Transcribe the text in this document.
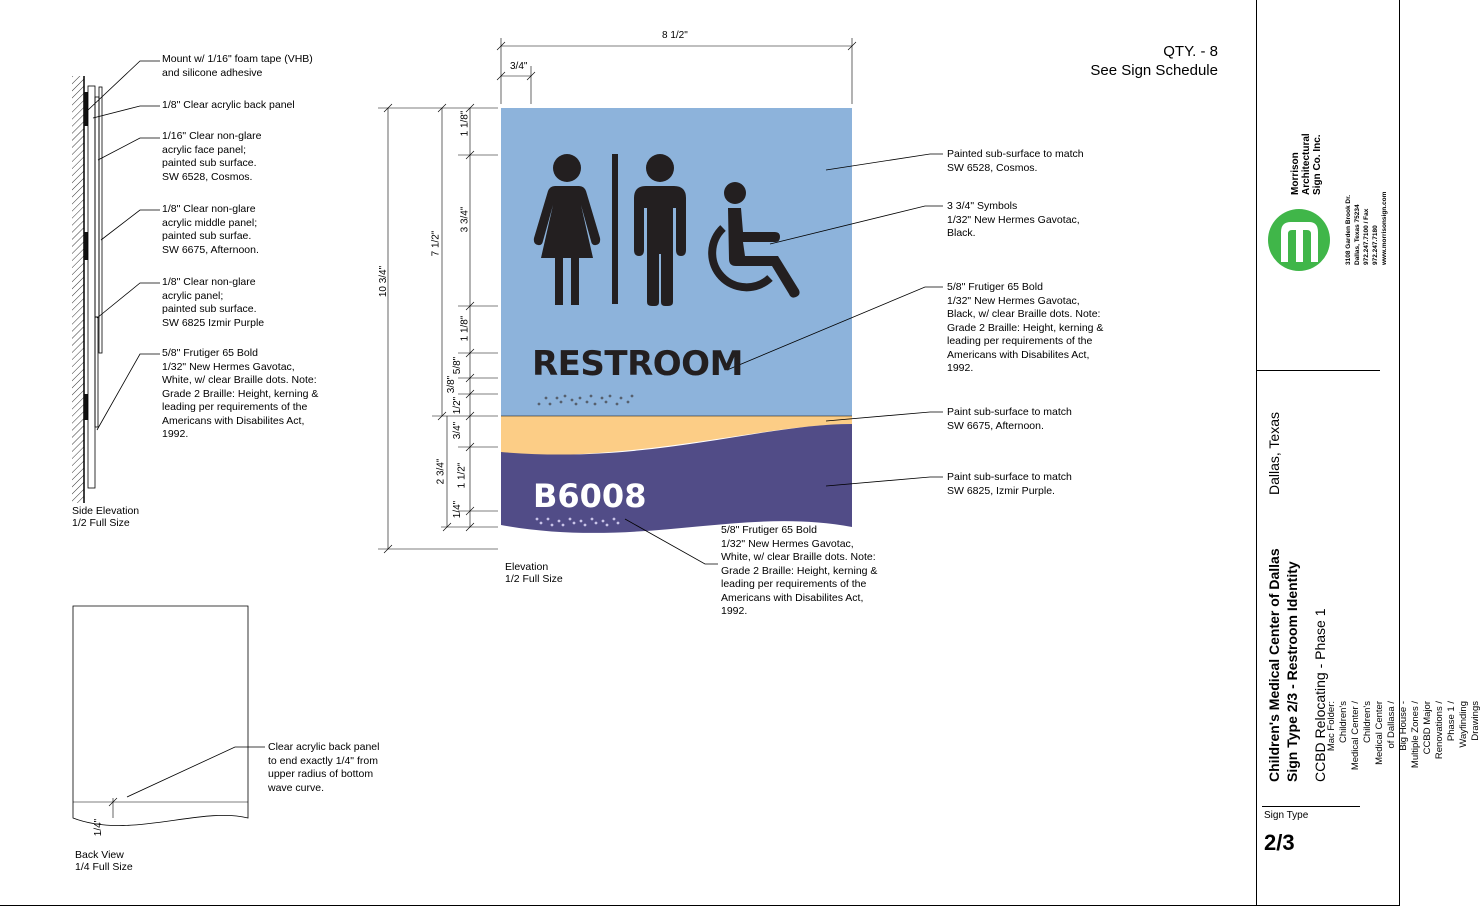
Mount w/ 1/16" foam tape (VHB)
and silicone adhesive
1/8" Clear acrylic back panel
1/16" Clear non-glare
acrylic face panel;
painted sub surface.
SW 6528, Cosmos.
1/8" Clear non-glare
acrylic middle panel;
painted sub surfae.
SW 6675, Afternoon.
1/8" Clear non-glare
acrylic panel;
painted sub surface.
SW 6825 Izmir Purple
5/8" Frutiger 65 Bold
1/32" New Hermes Gavotac,
White, w/ clear Braille dots. Note:
Grade 2 Braille: Height, kerning &
leading per requirements of the
Americans with Disabilites Act,
1992.
Side Elevation
1/2 Full Size
Painted sub-surface to match
SW 6528, Cosmos.
3 3/4" Symbols
1/32" New Hermes Gavotac,
Black.
5/8" Frutiger 65 Bold
1/32" New Hermes Gavotac,
Black, w/ clear Braille dots. Note:
Grade 2 Braille: Height, kerning &
leading per requirements of the
Americans with Disabilites Act,
1992.
Paint sub-surface to match
SW 6675, Afternoon.
Paint sub-surface to match
SW 6825, Izmir Purple.
5/8" Frutiger 65 Bold
1/32" New Hermes Gavotac,
White, w/ clear Braille dots. Note:
Grade 2 Braille: Height, kerning &
leading per requirements of the
Americans with Disabilites Act,
1992.
Elevation
1/2 Full Size
Clear acrylic back panel
to end exactly 1/4" from
upper radius of bottom
wave curve.
Back View
1/4 Full Size
1/4"
QTY. - 8
See Sign Schedule
RESTROOM
B6008
8 1/2"
3/4"
10 3/4"
7 1/2"
2 3/4"
1 1/8"
3 3/4"
1 1/8"
5/8"
3/8"
1/2"
3/4"
1 1/2"
1/4"
Morrison
Architectural
Sign Co. Inc.
3108 Garden Brook Dr. Dallas, Texas 75234
972.247.7100 / Fax 972.247.7180
www.morrisonsign.com
Dallas, Texas
Children's Medical Center of Dallas Sign Type 2/3 - Restroom Identity CCBD Relocating - Phase 1
Mac Folder: Children's Medical Center / Children's Medical Center of Dallasa /
Big House - Multiple Zones / CCBD Major Renovations / Phase 1 /
Wayfinding Drawings
Sign Type
2/3
